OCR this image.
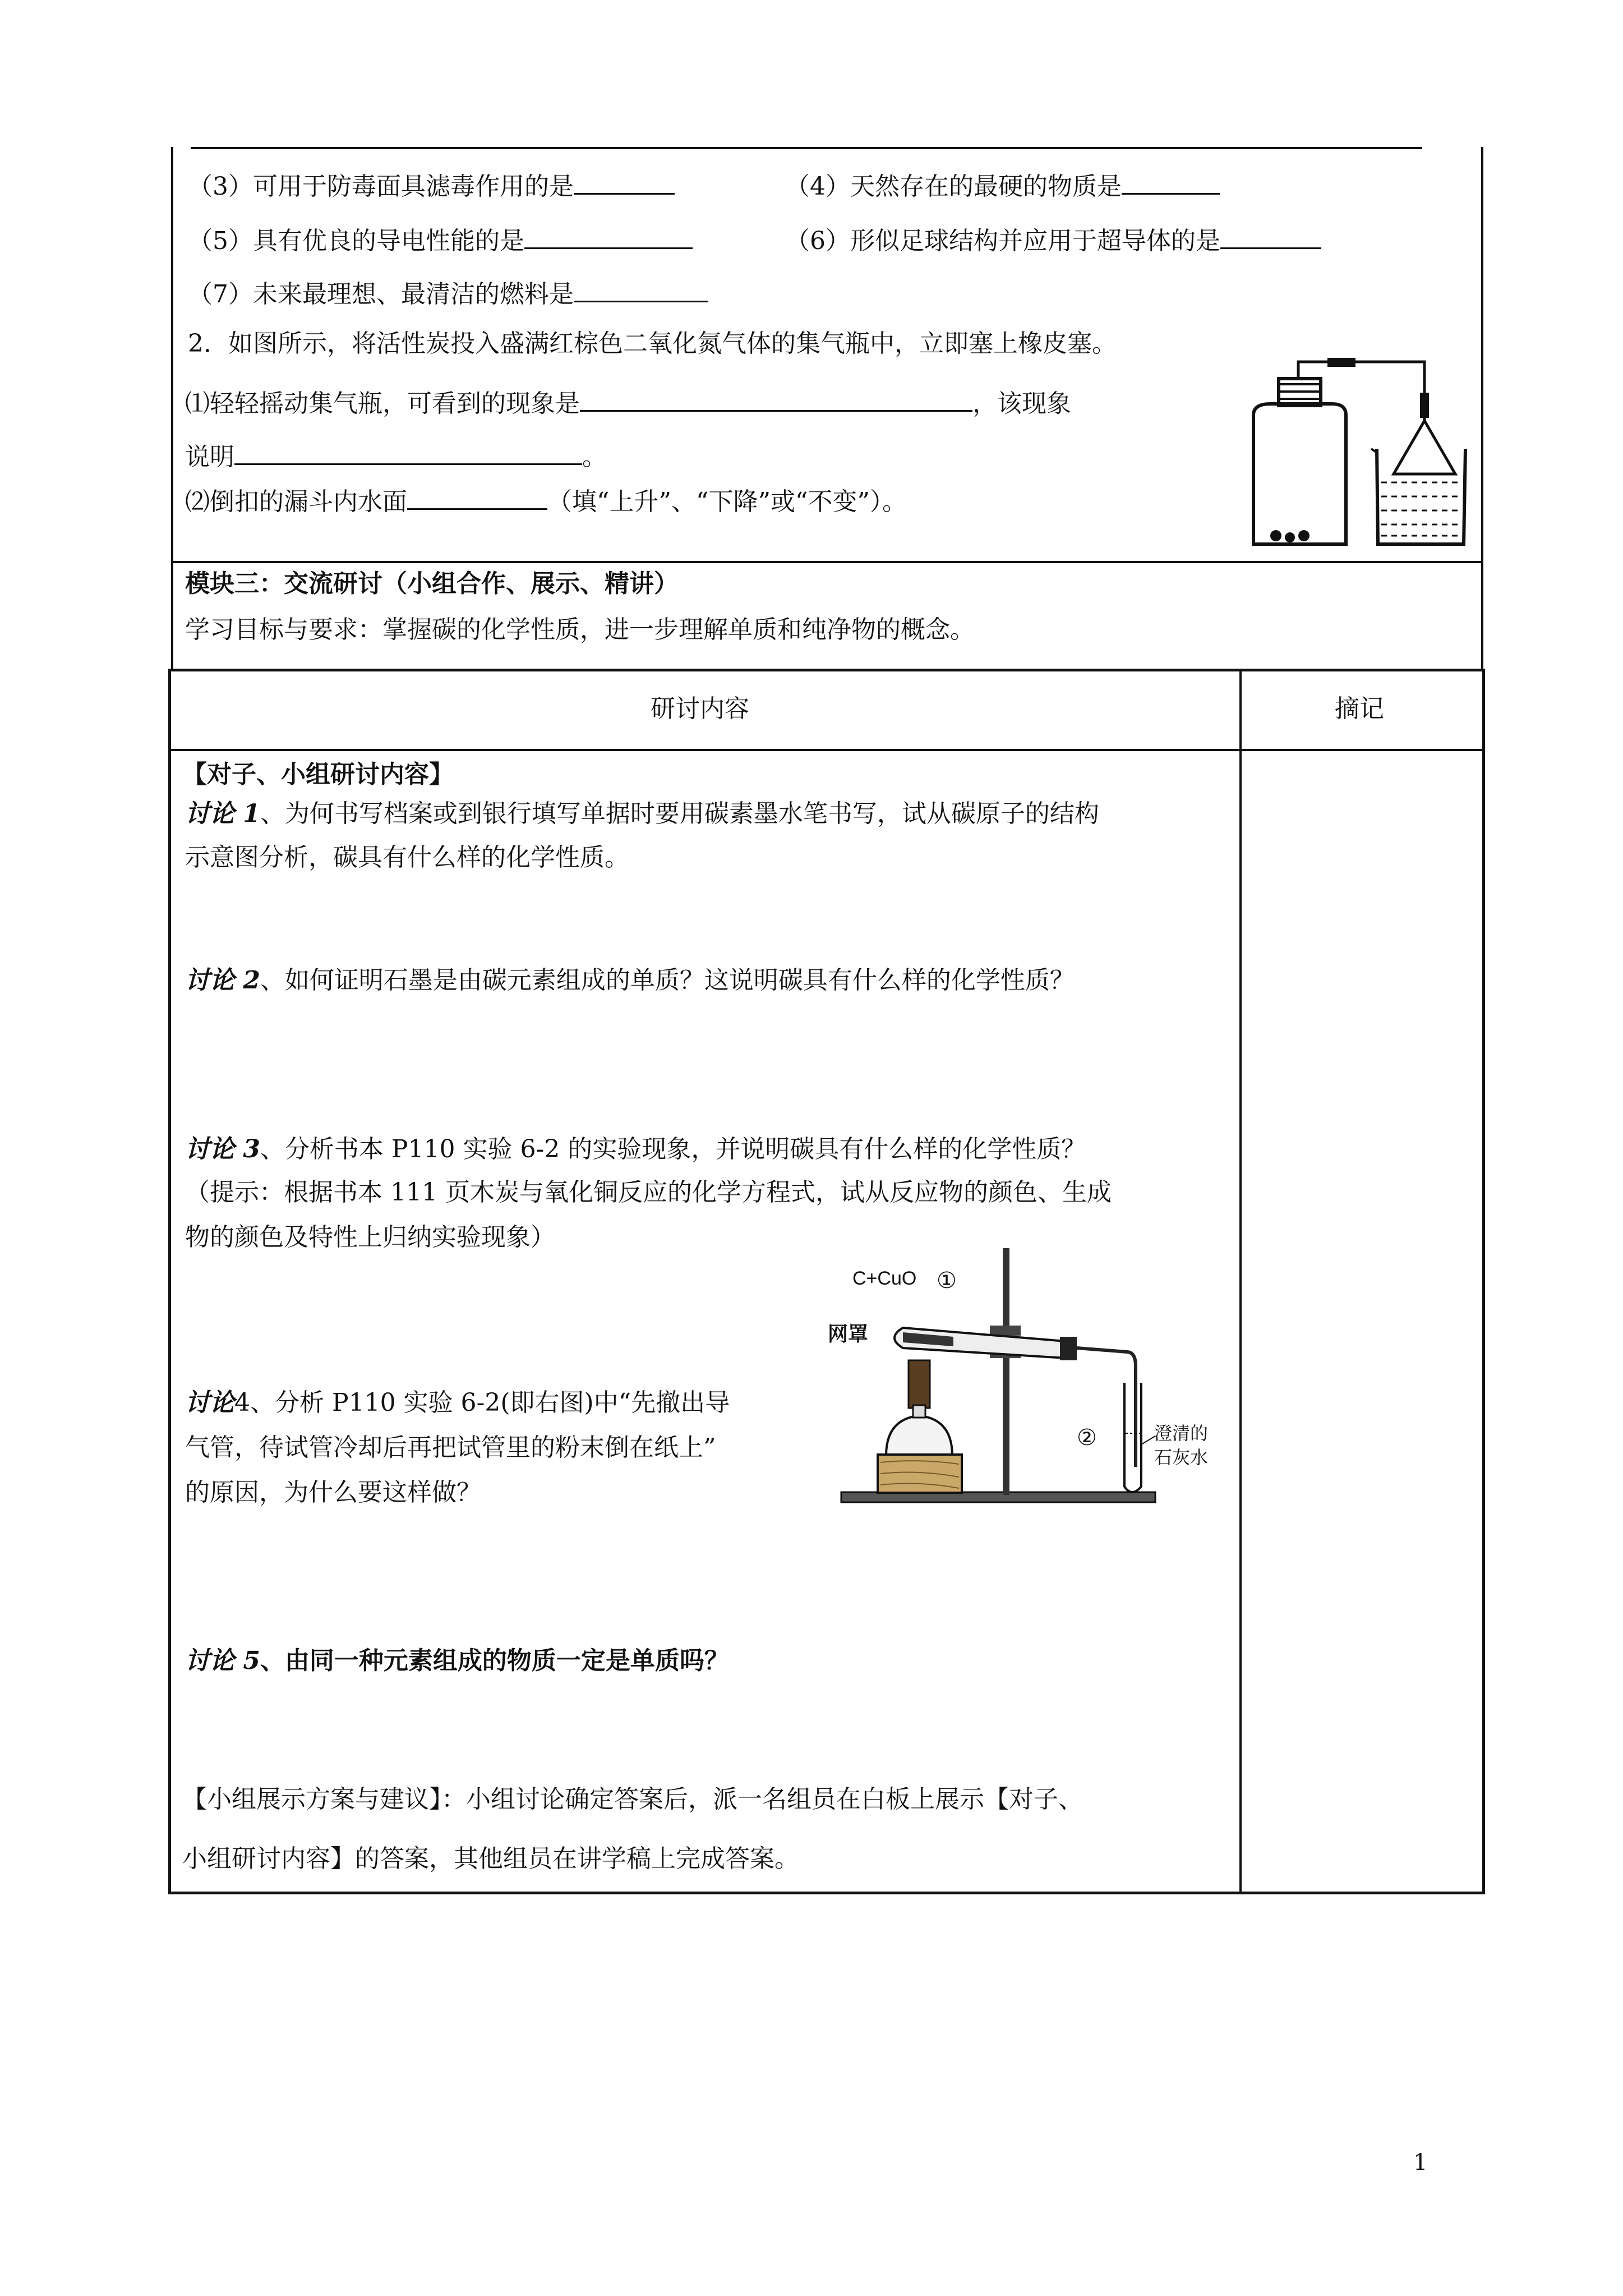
（3）可用于防毒面具滤毒作用的是	（4）天然存在的最硬的物质是
（5）具有优良的导电性能的是	（6）形似足球结构并应用于超导体的是
（7）未来最理想、最清洁的燃料是
2．如图所示，将活性炭投入盛满红棕色二氧化氮气体的集气瓶中，立即塞上橡皮塞。
⑴轻轻摇动集气瓶，可看到的现象是	，该现象
说明	。
⑵倒扣的漏斗内水面	（填“上升”、“下降”或“不变”）。
模块三：交流研讨（小组合作、展示、精讲）
学习目标与要求：掌握碳的化学性质，进一步理解单质和纯净物的概念。
研讨内容	摘记
【对子、小组研讨内容】
讨论 1、为何书写档案或到银行填写单据时要用碳素墨水笔书写，试从碳原子的结构
示意图分析，碳具有什么样的化学性质。
讨论 2、如何证明石墨是由碳元素组成的单质？这说明碳具有什么样的化学性质？
讨论 3、分析书本 P110 实验 6-2 的实验现象，并说明碳具有什么样的化学性质？
（提示：根据书本 111 页木炭与氧化铜反应的化学方程式，试从反应物的颜色、生成
物的颜色及特性上归纳实验现象）
讨论4、分析 P110 实验 6-2(即右图)中“先撤出导
气管，待试管冷却后再把试管里的粉末倒在纸上”
的原因，为什么要这样做？
C+CuO ①
网罩
②	澄清的
石灰水
讨论 5、由同一种元素组成的物质一定是单质吗？
【小组展示方案与建议】：小组讨论确定答案后，派一名组员在白板上展示【对子、
小组研讨内容】的答案，其他组员在讲学稿上完成答案。
1
